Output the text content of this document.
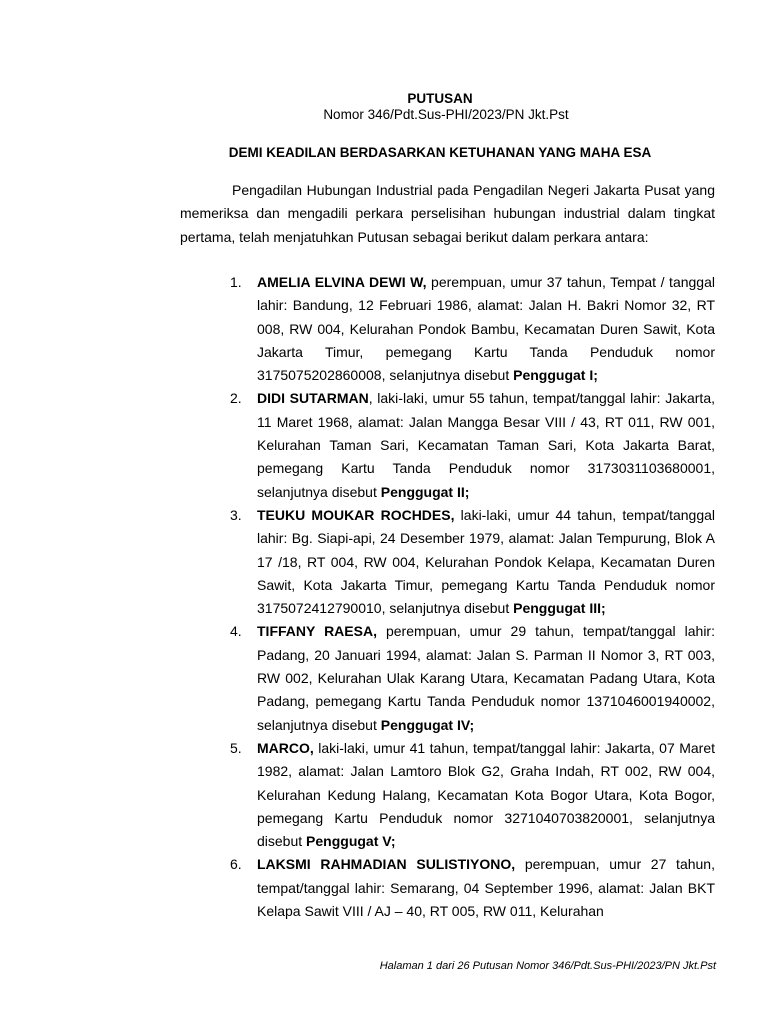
PUTUSAN
Nomor 346/Pdt.Sus-PHI/2023/PN Jkt.Pst
DEMI KEADILAN BERDASARKAN KETUHANAN YANG MAHA ESA

Pengadilan Hubungan Industrial pada Pengadilan Negeri Jakarta Pusat yang memeriksa dan mengadili perkara perselisihan hubungan industrial dalam tingkat pertama, telah menjatuhkan Putusan sebagai berikut dalam perkara antara:

1. AMELIA ELVINA DEWI W, perempuan, umur 37 tahun, Tempat / tanggal lahir: Bandung, 12 Februari 1986, alamat: Jalan H. Bakri Nomor 32, RT 008, RW 004, Kelurahan Pondok Bambu, Kecamatan Duren Sawit, Kota Jakarta Timur, pemegang Kartu Tanda Penduduk nomor 3175075202860008, selanjutnya disebut Penggugat I;
2. DIDI SUTARMAN, laki-laki, umur 55 tahun, tempat/tanggal lahir: Jakarta, 11 Maret 1968, alamat: Jalan Mangga Besar VIII / 43, RT 011, RW 001, Kelurahan Taman Sari, Kecamatan Taman Sari, Kota Jakarta Barat, pemegang Kartu Tanda Penduduk nomor 3173031103680001, selanjutnya disebut Penggugat II;
3. TEUKU MOUKAR ROCHDES, laki-laki, umur 44 tahun, tempat/tanggal lahir: Bg. Siapi-api, 24 Desember 1979, alamat: Jalan Tempurung, Blok A 17 /18, RT 004, RW 004, Kelurahan Pondok Kelapa, Kecamatan Duren Sawit, Kota Jakarta Timur, pemegang Kartu Tanda Penduduk nomor 3175072412790010, selanjutnya disebut Penggugat III;
4. TIFFANY RAESA, perempuan, umur 29 tahun, tempat/tanggal lahir: Padang, 20 Januari 1994, alamat: Jalan S. Parman II Nomor 3, RT 003, RW 002, Kelurahan Ulak Karang Utara, Kecamatan Padang Utara, Kota Padang, pemegang Kartu Tanda Penduduk nomor 1371046001940002, selanjutnya disebut Penggugat IV;
5. MARCO, laki-laki, umur 41 tahun, tempat/tanggal lahir: Jakarta, 07 Maret 1982, alamat: Jalan Lamtoro Blok G2, Graha Indah, RT 002, RW 004, Kelurahan Kedung Halang, Kecamatan Kota Bogor Utara, Kota Bogor, pemegang Kartu Penduduk nomor 3271040703820001, selanjutnya disebut Penggugat V;
6. LAKSMI RAHMADIAN SULISTIYONO, perempuan, umur 27 tahun, tempat/tanggal lahir: Semarang, 04 September 1996, alamat: Jalan BKT Kelapa Sawit VIII / AJ – 40, RT 005, RW 011, Kelurahan
Halaman 1 dari 26 Putusan Nomor 346/Pdt.Sus-PHI/2023/PN Jkt.Pst
